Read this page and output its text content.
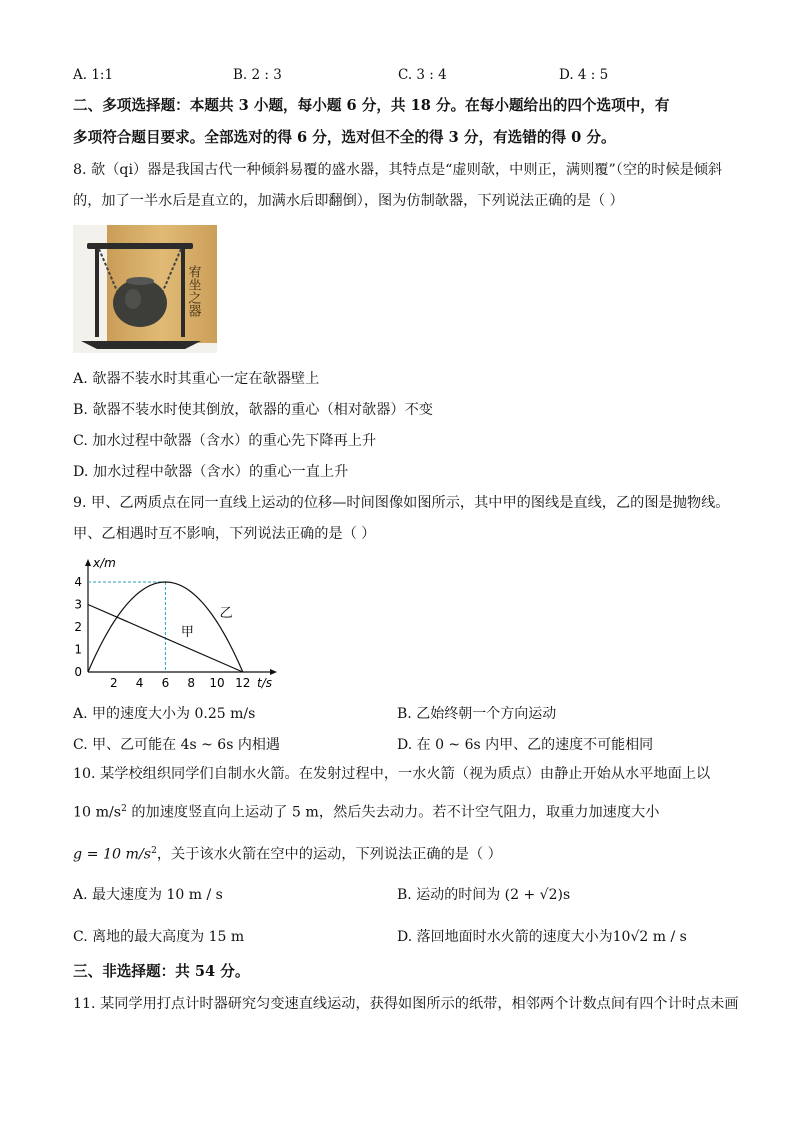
A. 1:1	B. 2 : 3	C. 3 : 4	D. 4 : 5
二、多项选择题：本题共 3 小题，每小题 6 分，共 18 分。在每小题给出的四个选项中，有
多项符合题目要求。全部选对的得 6 分，选对但不全的得 3 分，有选错的得 0 分。
8. 欹（qi）器是我国古代一种倾斜易覆的盛水器，其特点是“虚则欹，中则正，满则覆”（空的时候是倾斜
的，加了一半水后是直立的，加满水后即翻倒），图为仿制欹器，下列说法正确的是（ ）
宥坐之器
A. 欹器不装水时其重心一定在欹器壁上
B. 欹器不装水时使其倒放，欹器的重心（相对欹器）不变
C. 加水过程中欹器（含水）的重心先下降再上升
D. 加水过程中欹器（含水）的重心一直上升
9. 甲、乙两质点在同一直线上运动的位移—时间图像如图所示，其中甲的图线是直线，乙的图是抛物线。
甲、乙相遇时互不影响，下列说法正确的是（ ）
x/m
t/s
0
1
2
3
4
2 4 6 8 10 12
甲
乙
A. 甲的速度大小为 0.25 m/s	B. 乙始终朝一个方向运动
C. 甲、乙可能在 4s ~ 6s 内相遇	D. 在 0 ~ 6s 内甲、乙的速度不可能相同
10. 某学校组织同学们自制水火箭。在发射过程中，一水火箭（视为质点）由静止开始从水平地面上以
10 $m/s^2$ 的加速度竖直向上运动了 5 m，然后失去动力。若不计空气阻力，取重力加速度大小
g = 10 $m/s^2$，关于该水火箭在空中的运动，下列说法正确的是（ ）
A. 最大速度为 10 m / s	B. 运动的时间为 (2 + √2)s
C. 离地的最大高度为 15 m	D. 落回地面时水火箭的速度大小为10√2 m / s
三、非选择题：共 54 分。
11. 某同学用打点计时器研究匀变速直线运动，获得如图所示的纸带，相邻两个计数点间有四个计时点未画
